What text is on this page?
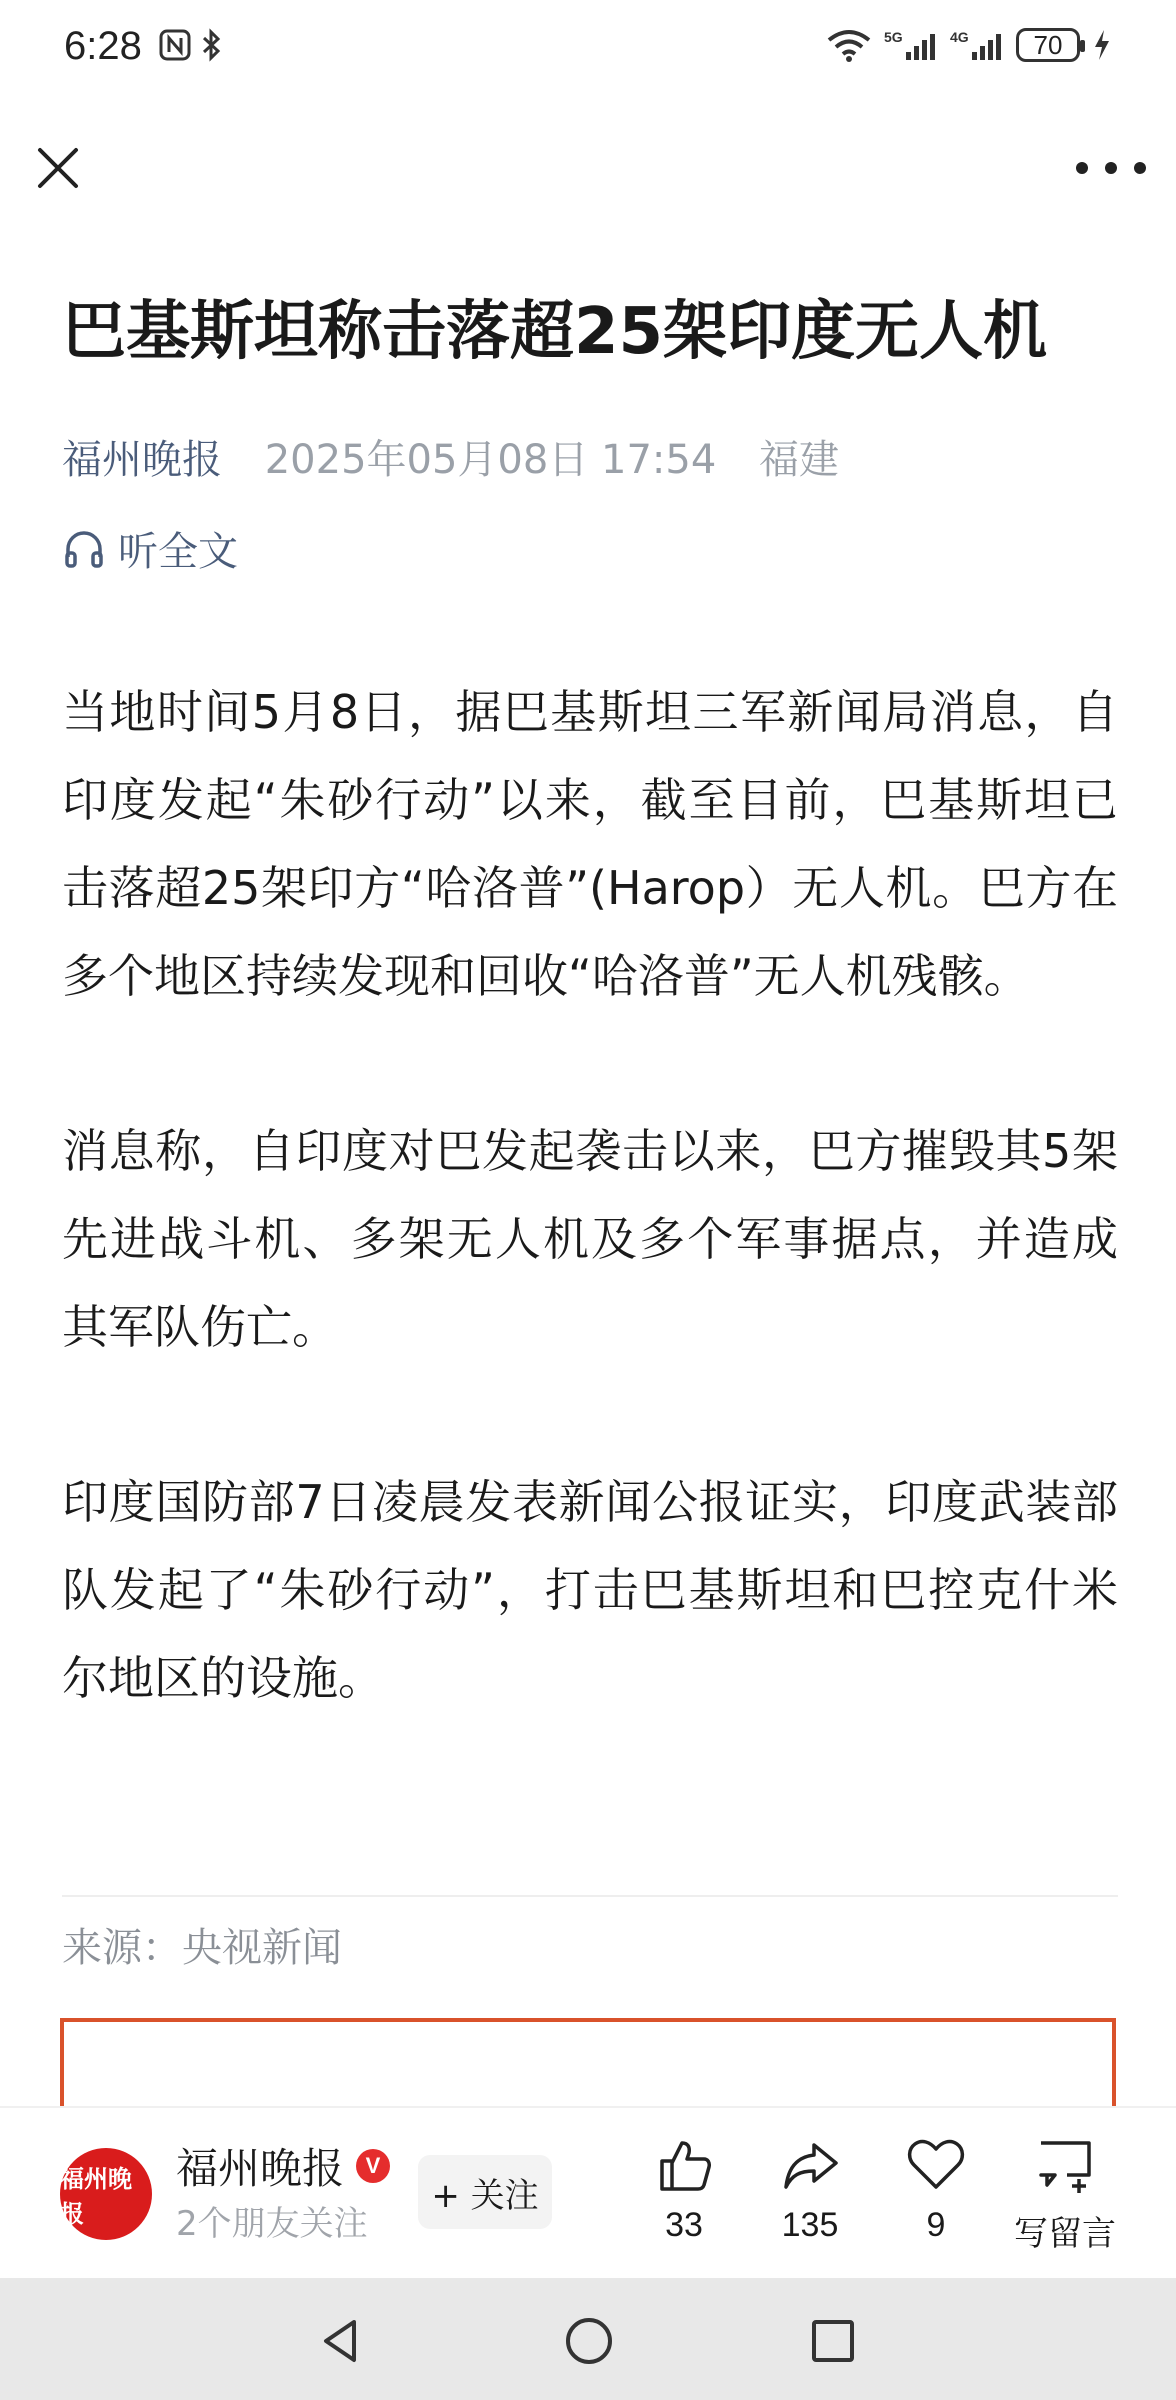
6:28	5G	4G	70
巴基斯坦称击落超25架印度无人机
福州晚报 2025年05月08日 17:54 福建
听全文

当地时间5月8日，据巴基斯坦三军新闻局消息，自印度发起“朱砂行动”以来，截至目前，巴基斯坦已击落超25架印方“哈洛普”(Harop）无人机。巴方在多个地区持续发现和回收“哈洛普”无人机残骸。

消息称，自印度对巴发起袭击以来，巴方摧毁其5架先进战斗机、多架无人机及多个军事据点，并造成其军队伤亡。

印度国防部7日凌晨发表新闻公报证实，印度武装部队发起了“朱砂行动”，打击巴基斯坦和巴控克什米尔地区的设施。

来源：央视新闻
福州晚报
福州晚报 V
2个朋友关注
+ 关注
33	135	9	写留言
